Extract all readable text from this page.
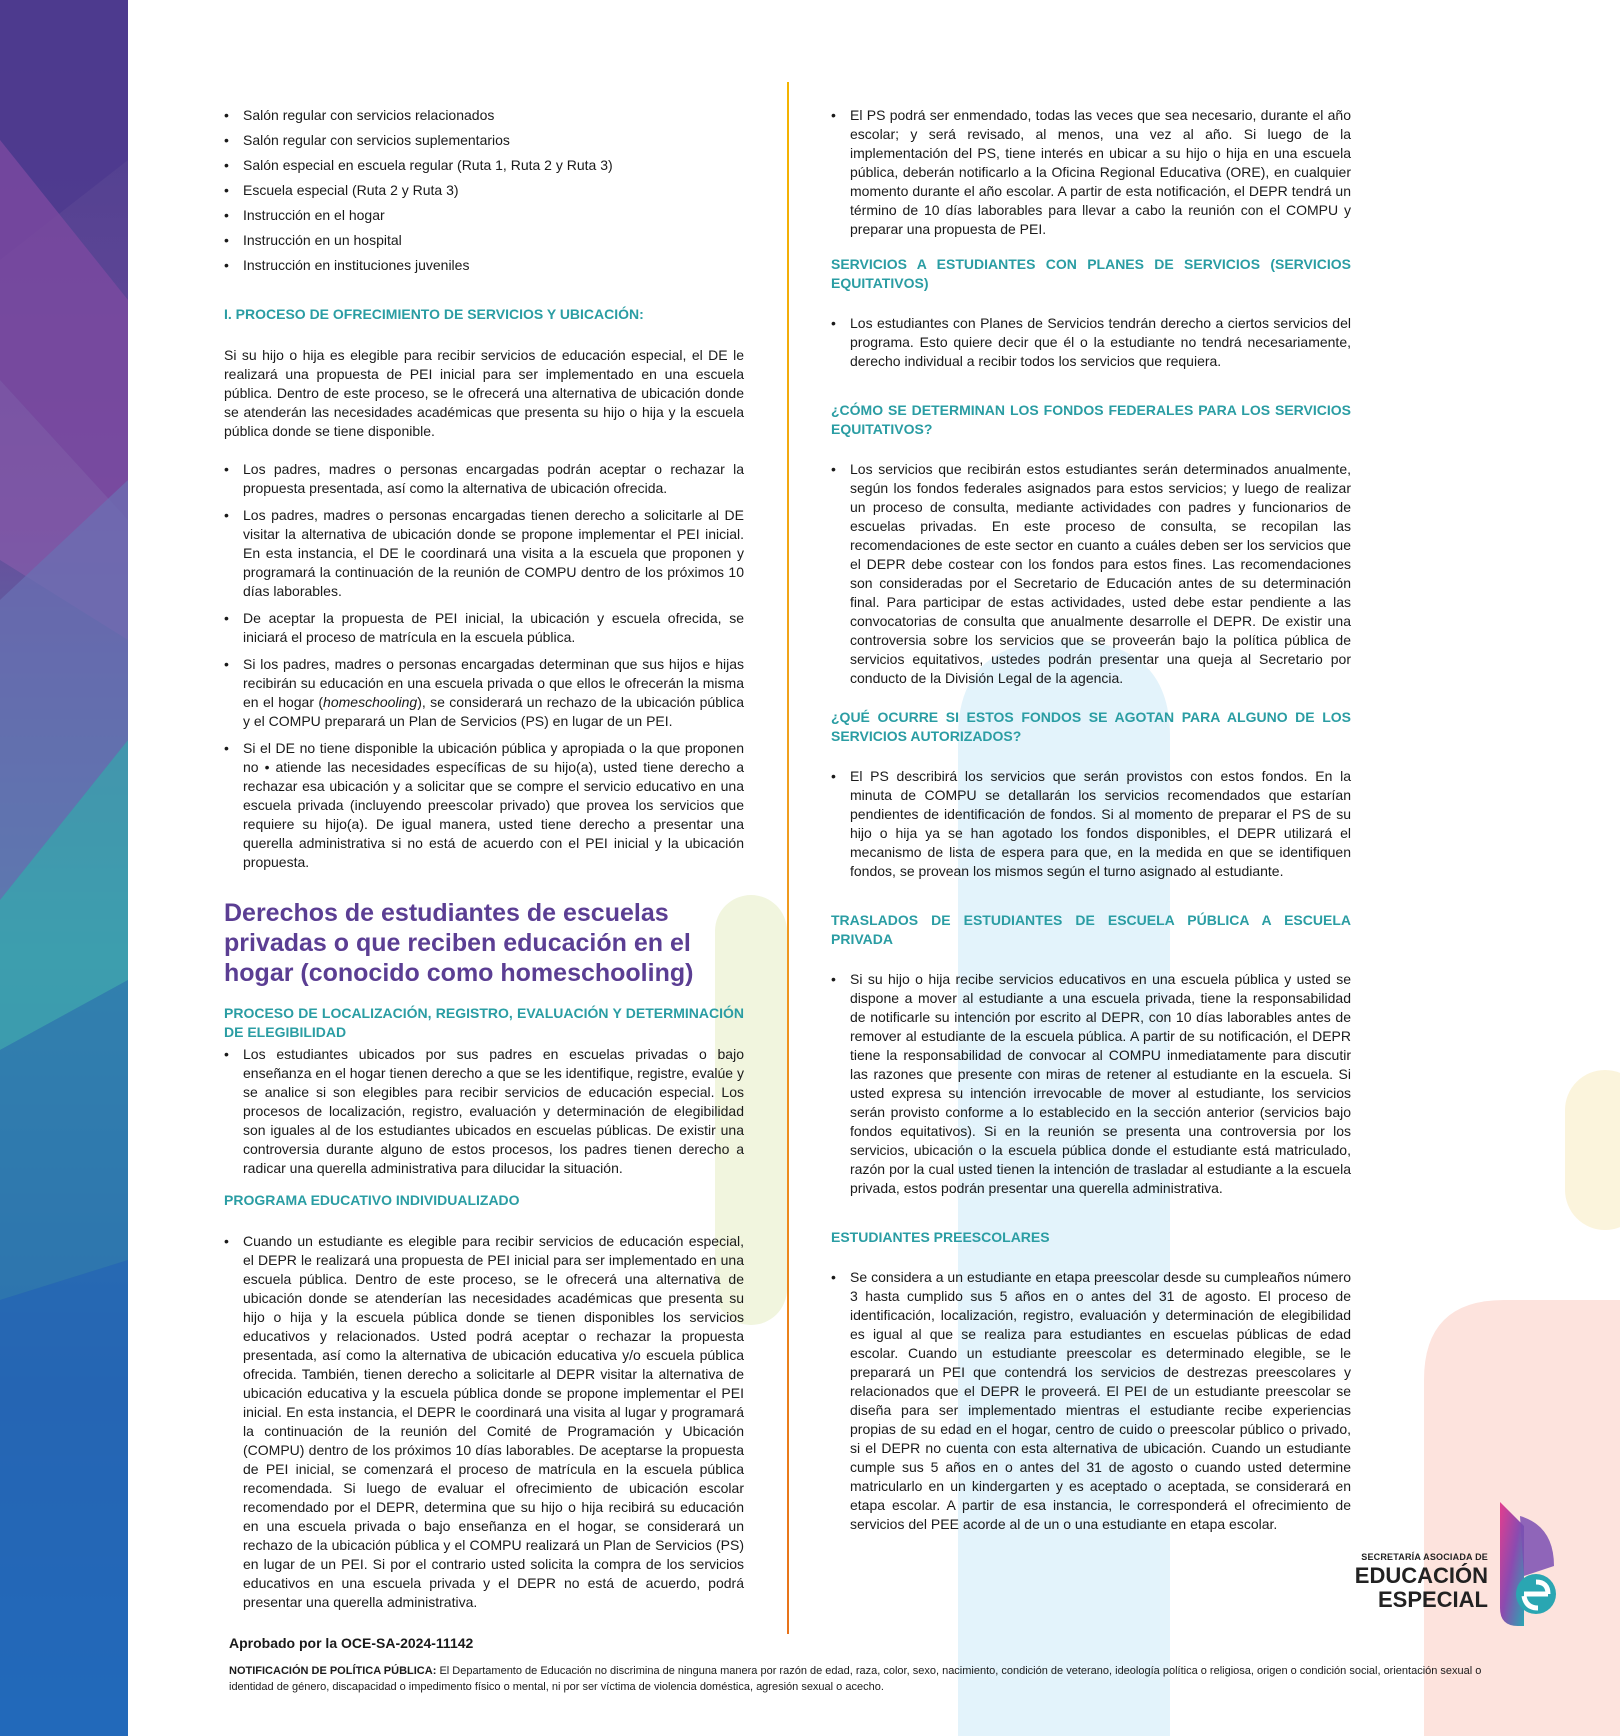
• Salón regular con servicios relacionados
• Salón regular con servicios suplementarios
• Salón especial en escuela regular (Ruta 1, Ruta 2 y Ruta 3)
• Escuela especial (Ruta 2 y Ruta 3)
• Instrucción en el hogar
• Instrucción en un hospital
• Instrucción en instituciones juveniles
I. PROCESO DE OFRECIMIENTO DE SERVICIOS Y UBICACIÓN:

Si su hijo o hija es elegible para recibir servicios de educación especial, el DE le realizará una propuesta de PEI inicial para ser implementado en una escuela pública. Dentro de este proceso, se le ofrecerá una alternativa de ubicación donde se atenderán las necesidades académicas que presenta su hijo o hija y la escuela pública donde se tiene disponible.

• Los padres, madres o personas encargadas podrán aceptar o rechazar la propuesta presentada, así como la alternativa de ubicación ofrecida.
• Los padres, madres o personas encargadas tienen derecho a solicitarle al DE visitar la alternativa de ubicación donde se propone implementar el PEI inicial. En esta instancia, el DE le coordinará una visita a la escuela que proponen y programará la continuación de la reunión de COMPU dentro de los próximos 10 días laborables.
• De aceptar la propuesta de PEI inicial, la ubicación y escuela ofrecida, se iniciará el proceso de matrícula en la escuela pública.
• Si los padres, madres o personas encargadas determinan que sus hijos e hijas recibirán su educación en una escuela privada o que ellos le ofrecerán la misma en el hogar (homeschooling), se considerará un rechazo de la ubicación pública y el COMPU preparará un Plan de Servicios (PS) en lugar de un PEI.
• Si el DE no tiene disponible la ubicación pública y apropiada o la que proponen no • atiende las necesidades específicas de su hijo(a), usted tiene derecho a rechazar esa ubicación y a solicitar que se compre el servicio educativo en una escuela privada (incluyendo preescolar privado) que provea los servicios que requiere su hijo(a). De igual manera, usted tiene derecho a presentar una querella administrativa si no está de acuerdo con el PEI inicial y la ubicación propuesta.
Derechos de estudiantes de escuelas privadas o que reciben educación en el hogar (conocido como homeschooling)
PROCESO DE LOCALIZACIÓN, REGISTRO, EVALUACIÓN Y DETERMINACIÓN DE ELEGIBILIDAD
• Los estudiantes ubicados por sus padres en escuelas privadas o bajo enseñanza en el hogar tienen derecho a que se les identifique, registre, evalúe y se analice si son elegibles para recibir servicios de educación especial. Los procesos de localización, registro, evaluación y determinación de elegibilidad son iguales al de los estudiantes ubicados en escuelas públicas. De existir una controversia durante alguno de estos procesos, los padres tienen derecho a radicar una querella administrativa para dilucidar la situación.
PROGRAMA EDUCATIVO INDIVIDUALIZADO
• Cuando un estudiante es elegible para recibir servicios de educación especial, el DEPR le realizará una propuesta de PEI inicial para ser implementado en una escuela pública. Dentro de este proceso, se le ofrecerá una alternativa de ubicación donde se atenderían las necesidades académicas que presenta su hijo o hija y la escuela pública donde se tienen disponibles los servicios educativos y relacionados. Usted podrá aceptar o rechazar la propuesta presentada, así como la alternativa de ubicación educativa y/o escuela pública ofrecida. También, tienen derecho a solicitarle al DEPR visitar la alternativa de ubicación educativa y la escuela pública donde se propone implementar el PEI inicial. En esta instancia, el DEPR le coordinará una visita al lugar y programará la continuación de la reunión del Comité de Programación y Ubicación (COMPU) dentro de los próximos 10 días laborables. De aceptarse la propuesta de PEI inicial, se comenzará el proceso de matrícula en la escuela pública recomendada. Si luego de evaluar el ofrecimiento de ubicación escolar recomendado por el DEPR, determina que su hijo o hija recibirá su educación en una escuela privada o bajo enseñanza en el hogar, se considerará un rechazo de la ubicación pública y el COMPU realizará un Plan de Servicios (PS) en lugar de un PEI. Si por el contrario usted solicita la compra de los servicios educativos en una escuela privada y el DEPR no está de acuerdo, podrá presentar una querella administrativa.
• El PS podrá ser enmendado, todas las veces que sea necesario, durante el año escolar; y será revisado, al menos, una vez al año. Si luego de la implementación del PS, tiene interés en ubicar a su hijo o hija en una escuela pública, deberán notificarlo a la Oficina Regional Educativa (ORE), en cualquier momento durante el año escolar. A partir de esta notificación, el DEPR tendrá un término de 10 días laborables para llevar a cabo la reunión con el COMPU y preparar una propuesta de PEI.
SERVICIOS A ESTUDIANTES CON PLANES DE SERVICIOS (SERVICIOS EQUITATIVOS)
• Los estudiantes con Planes de Servicios tendrán derecho a ciertos servicios del programa. Esto quiere decir que él o la estudiante no tendrá necesariamente, derecho individual a recibir todos los servicios que requiera.
¿CÓMO SE DETERMINAN LOS FONDOS FEDERALES PARA LOS SERVICIOS EQUITATIVOS?
• Los servicios que recibirán estos estudiantes serán determinados anualmente, según los fondos federales asignados para estos servicios; y luego de realizar un proceso de consulta, mediante actividades con padres y funcionarios de escuelas privadas. En este proceso de consulta, se recopilan las recomendaciones de este sector en cuanto a cuáles deben ser los servicios que el DEPR debe costear con los fondos para estos fines. Las recomendaciones son consideradas por el Secretario de Educación antes de su determinación final. Para participar de estas actividades, usted debe estar pendiente a las convocatorias de consulta que anualmente desarrolle el DEPR. De existir una controversia sobre los servicios que se proveerán bajo la política pública de servicios equitativos, ustedes podrán presentar una queja al Secretario por conducto de la División Legal de la agencia.
¿QUÉ OCURRE SI ESTOS FONDOS SE AGOTAN PARA ALGUNO DE LOS SERVICIOS AUTORIZADOS?
• El PS describirá los servicios que serán provistos con estos fondos. En la minuta de COMPU se detallarán los servicios recomendados que estarían pendientes de identificación de fondos. Si al momento de preparar el PS de su hijo o hija ya se han agotado los fondos disponibles, el DEPR utilizará el mecanismo de lista de espera para que, en la medida en que se identifiquen fondos, se provean los mismos según el turno asignado al estudiante.
TRASLADOS DE ESTUDIANTES DE ESCUELA PÚBLICA A ESCUELA PRIVADA
• Si su hijo o hija recibe servicios educativos en una escuela pública y usted se dispone a mover al estudiante a una escuela privada, tiene la responsabilidad de notificarle su intención por escrito al DEPR, con 10 días laborables antes de remover al estudiante de la escuela pública. A partir de su notificación, el DEPR tiene la responsabilidad de convocar al COMPU inmediatamente para discutir las razones que presente con miras de retener al estudiante en la escuela. Si usted expresa su intención irrevocable de mover al estudiante, los servicios serán provisto conforme a lo establecido en la sección anterior (servicios bajo fondos equitativos). Si en la reunión se presenta una controversia por los servicios, ubicación o la escuela pública donde el estudiante está matriculado, razón por la cual usted tienen la intención de trasladar al estudiante a la escuela privada, estos podrán presentar una querella administrativa.
ESTUDIANTES PREESCOLARES
• Se considera a un estudiante en etapa preescolar desde su cumpleaños número 3 hasta cumplido sus 5 años en o antes del 31 de agosto. El proceso de identificación, localización, registro, evaluación y determinación de elegibilidad es igual al que se realiza para estudiantes en escuelas públicas de edad escolar. Cuando un estudiante preescolar es determinado elegible, se le preparará un PEI que contendrá los servicios de destrezas preescolares y relacionados que el DEPR le proveerá. El PEI de un estudiante preescolar se diseña para ser implementado mientras el estudiante recibe experiencias propias de su edad en el hogar, centro de cuido o preescolar público o privado, si el DEPR no cuenta con esta alternativa de ubicación. Cuando un estudiante cumple sus 5 años en o antes del 31 de agosto o cuando usted determine matricularlo en un kindergarten y es aceptado o aceptada, se considerará en etapa escolar. A partir de esa instancia, le corresponderá el ofrecimiento de servicios del PEE acorde al de un o una estudiante en etapa escolar.
SECRETARÍA ASOCIADA DE
EDUCACIÓN
ESPECIAL

Aprobado por la OCE-SA-2024-11142

NOTIFICACIÓN DE POLÍTICA PÚBLICA: El Departamento de Educación no discrimina de ninguna manera por razón de edad, raza, color, sexo, nacimiento, condición de veterano, ideología política o religiosa, origen o condición social, orientación sexual o identidad de género, discapacidad o impedimento físico o mental, ni por ser víctima de violencia doméstica, agresión sexual o acecho.
